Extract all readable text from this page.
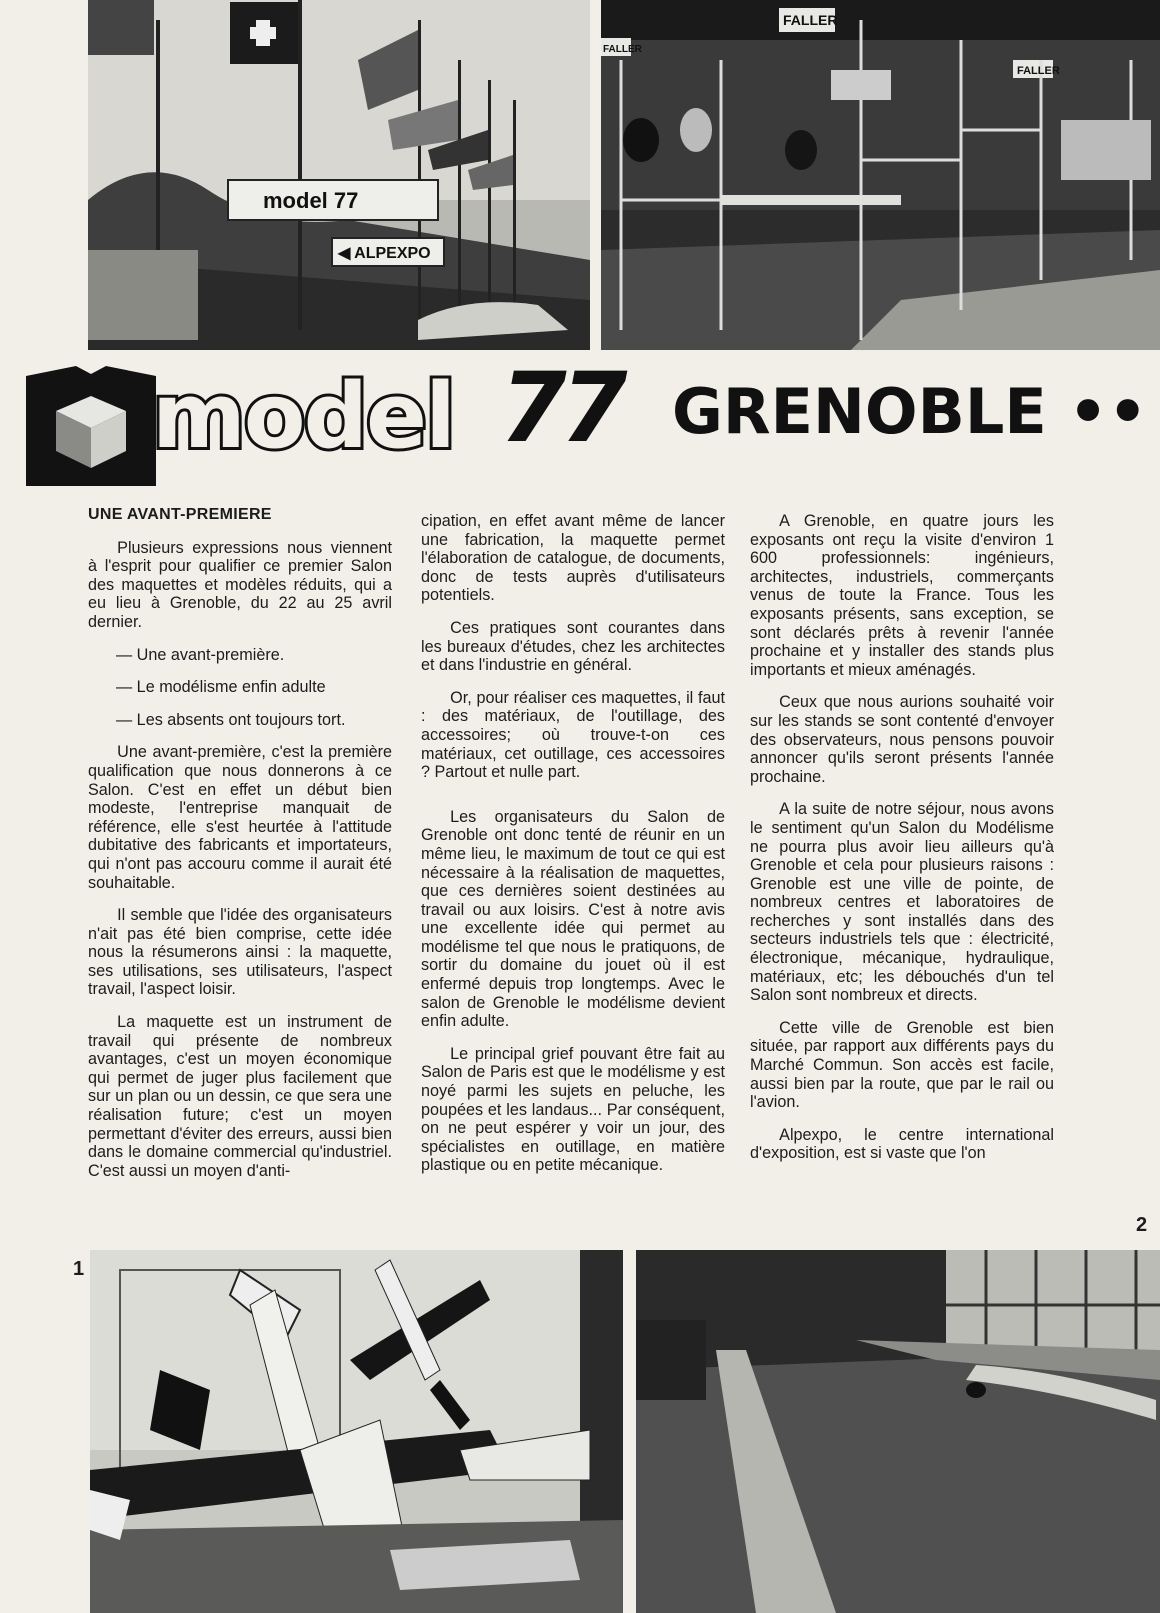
model 77
◀ ALPEXPO
FALLER
FALLER
FALLER
model 77 GRENOBLE ••

UNE AVANT-PREMIERE

Plusieurs expressions nous viennent à l'esprit pour qualifier ce premier Salon des maquettes et modèles réduits, qui a eu lieu à Grenoble, du 22 au 25 avril dernier.

— Une avant-première.

— Le modélisme enfin adulte

— Les absents ont toujours tort.

Une avant-première, c'est la première qualification que nous donnerons à ce Salon. C'est en effet un début bien modeste, l'entreprise manquait de référence, elle s'est heurtée à l'attitude dubitative des fabricants et importateurs, qui n'ont pas accouru comme il aurait été souhaitable.

Il semble que l'idée des organisateurs n'ait pas été bien comprise, cette idée nous la résumerons ainsi : la maquette, ses utilisations, ses utilisateurs, l'aspect travail, l'aspect loisir.

La maquette est un instrument de travail qui présente de nombreux avantages, c'est un moyen économique qui permet de juger plus facilement que sur un plan ou un dessin, ce que sera une réalisation future; c'est un moyen permettant d'éviter des erreurs, aussi bien dans le domaine commercial qu'industriel. C'est aussi un moyen d'anti-

cipation, en effet avant même de lancer une fabrication, la maquette permet l'élaboration de catalogue, de documents, donc de tests auprès d'utilisateurs potentiels.

Ces pratiques sont courantes dans les bureaux d'études, chez les architectes et dans l'industrie en général.

Or, pour réaliser ces maquettes, il faut : des matériaux, de l'outillage, des accessoires; où trouve-t-on ces matériaux, cet outillage, ces accessoires ? Partout et nulle part.

Les organisateurs du Salon de Grenoble ont donc tenté de réunir en un même lieu, le maximum de tout ce qui est nécessaire à la réalisation de maquettes, que ces dernières soient destinées au travail ou aux loisirs. C'est à notre avis une excellente idée qui permet au modélisme tel que nous le pratiquons, de sortir du domaine du jouet où il est enfermé depuis trop longtemps. Avec le salon de Grenoble le modélisme devient enfin adulte.

Le principal grief pouvant être fait au Salon de Paris est que le modélisme y est noyé parmi les sujets en peluche, les poupées et les landaus... Par conséquent, on ne peut espérer y voir un jour, des spécialistes en outillage, en matière plastique ou en petite mécanique.

A Grenoble, en quatre jours les exposants ont reçu la visite d'environ 1 600 professionnels: ingénieurs, architectes, industriels, commerçants venus de toute la France. Tous les exposants présents, sans exception, se sont déclarés prêts à revenir l'année prochaine et y installer des stands plus importants et mieux aménagés.

Ceux que nous aurions souhaité voir sur les stands se sont contenté d'envoyer des observateurs, nous pensons pouvoir annoncer qu'ils seront présents l'année prochaine.

A la suite de notre séjour, nous avons le sentiment qu'un Salon du Modélisme ne pourra plus avoir lieu ailleurs qu'à Grenoble et cela pour plusieurs raisons : Grenoble est une ville de pointe, de nombreux centres et laboratoires de recherches y sont installés dans des secteurs industriels tels que : électricité, électronique, mécanique, hydraulique, matériaux, etc; les débouchés d'un tel Salon sont nombreux et directs.

Cette ville de Grenoble est bien située, par rapport aux différents pays du Marché Commun. Son accès est facile, aussi bien par la route, que par le rail ou l'avion.

Alpexpo, le centre international d'exposition, est si vaste que l'on

1
2
